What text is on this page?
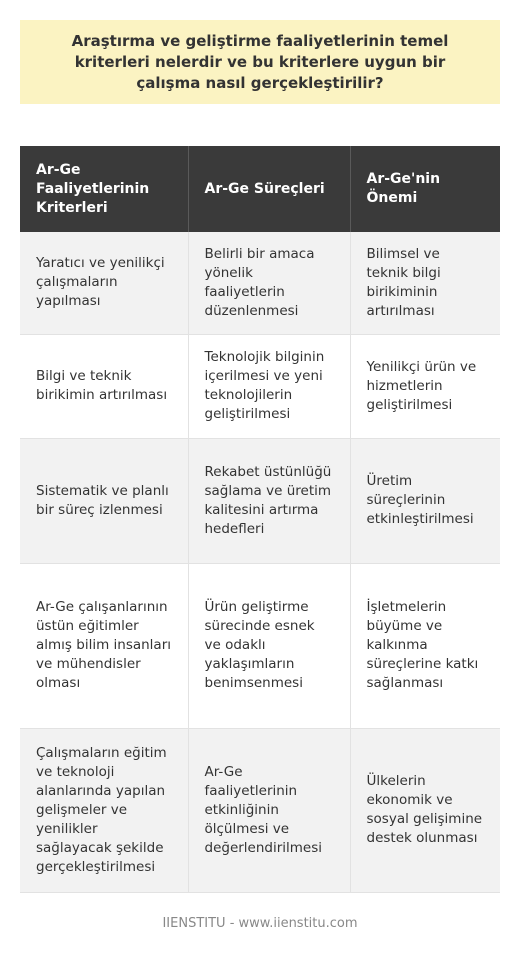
Araştırma ve geliştirme faaliyetlerinin temel kriterleri nelerdir ve bu kriterlere uygun bir çalışma nasıl gerçekleştirilir?
Ar-Ge Faaliyetlerinin Kriterleri	Ar-Ge Süreçleri	Ar-Ge'nin Önemi
Yaratıcı ve yenilikçi çalışmaların yapılması	Belirli bir amaca yönelik faaliyetlerin düzenlenmesi	Bilimsel ve teknik bilgi birikiminin artırılması
Bilgi ve teknik birikimin artırılması	Teknolojik bilginin içerilmesi ve yeni teknolojilerin geliştirilmesi	Yenilikçi ürün ve hizmetlerin geliştirilmesi
Sistematik ve planlı bir süreç izlenmesi	Rekabet üstünlüğü sağlama ve üretim kalitesini artırma hedefleri	Üretim süreçlerinin etkinleştirilmesi
Ar-Ge çalışanlarının üstün eğitimler almış bilim insanları ve mühendisler olması	Ürün geliştirme sürecinde esnek ve odaklı yaklaşımların benimsenmesi	İşletmelerin büyüme ve kalkınma süreçlerine katkı sağlanması
Çalışmaların eğitim ve teknoloji alanlarında yapılan gelişmeler ve yenilikler sağlayacak şekilde gerçekleştirilmesi	Ar-Ge faaliyetlerinin etkinliğinin ölçülmesi ve değerlendirilmesi	Ülkelerin ekonomik ve sosyal gelişimine destek olunması
IIENSTITU - www.iienstitu.com
